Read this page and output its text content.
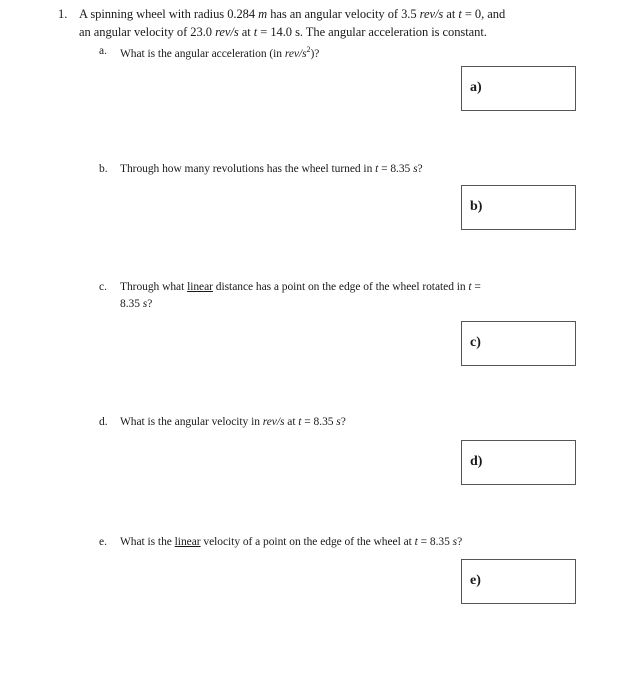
1. A spinning wheel with radius 0.284 m has an angular velocity of 3.5 rev/s at t = 0, and
an angular velocity of 23.0 rev/s at t = 14.0 s. The angular acceleration is constant.
a. What is the angular acceleration (in rev/$s^2$)?
a)
b. Through how many revolutions has the wheel turned in t = 8.35 s?
b)
c. Through what linear distance has a point on the edge of the wheel rotated in t =
8.35 s?
c)
d. What is the angular velocity in rev/s at t = 8.35 s?
d)
e. What is the linear velocity of a point on the edge of the wheel at t = 8.35 s?
e)
